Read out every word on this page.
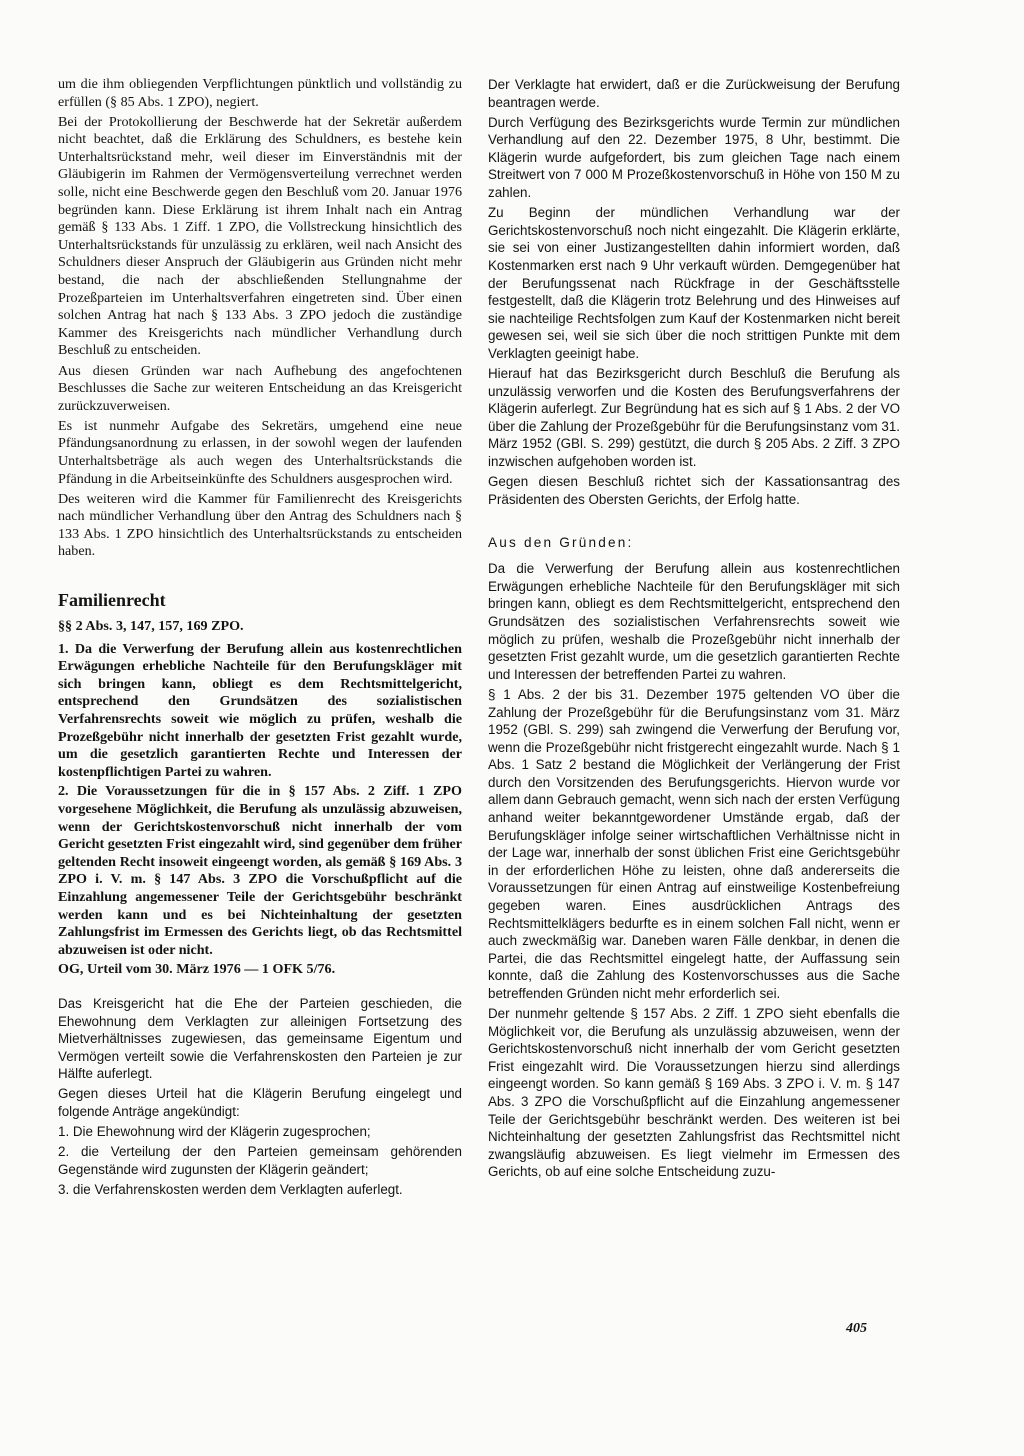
um die ihm obliegenden Verpflichtungen pünktlich und vollständig zu erfüllen (§ 85 Abs. 1 ZPO), negiert.

Bei der Protokollierung der Beschwerde hat der Sekretär außerdem nicht beachtet, daß die Erklärung des Schuldners, es bestehe kein Unterhaltsrückstand mehr, weil dieser im Einverständnis mit der Gläubigerin im Rahmen der Vermögensverteilung verrechnet werden solle, nicht eine Beschwerde gegen den Beschluß vom 20. Januar 1976 begründen kann. Diese Erklärung ist ihrem Inhalt nach ein Antrag gemäß § 133 Abs. 1 Ziff. 1 ZPO, die Vollstreckung hinsichtlich des Unterhaltsrückstands für unzulässig zu erklären, weil nach Ansicht des Schuldners dieser Anspruch der Gläubigerin aus Gründen nicht mehr bestand, die nach der abschließenden Stellungnahme der Prozeßparteien im Unterhaltsverfahren eingetreten sind. Über einen solchen Antrag hat nach § 133 Abs. 3 ZPO jedoch die zuständige Kammer des Kreisgerichts nach mündlicher Verhandlung durch Beschluß zu entscheiden.

Aus diesen Gründen war nach Aufhebung des angefochtenen Beschlusses die Sache zur weiteren Entscheidung an das Kreisgericht zurückzuverweisen.

Es ist nunmehr Aufgabe des Sekretärs, umgehend eine neue Pfändungsanordnung zu erlassen, in der sowohl wegen der laufenden Unterhaltsbeträge als auch wegen des Unterhaltsrückstands die Pfändung in die Arbeitseinkünfte des Schuldners ausgesprochen wird.

Des weiteren wird die Kammer für Familienrecht des Kreisgerichts nach mündlicher Verhandlung über den Antrag des Schuldners nach § 133 Abs. 1 ZPO hinsichtlich des Unterhaltsrückstands zu entscheiden haben.

Familienrecht
§§ 2 Abs. 3, 147, 157, 169 ZPO.

1. Da die Verwerfung der Berufung allein aus kostenrechtlichen Erwägungen erhebliche Nachteile für den Berufungskläger mit sich bringen kann, obliegt es dem Rechtsmittelgericht, entsprechend den Grundsätzen des sozialistischen Verfahrensrechts soweit wie möglich zu prüfen, weshalb die Prozeßgebühr nicht innerhalb der gesetzten Frist gezahlt wurde, um die gesetzlich garantierten Rechte und Interessen der kostenpflichtigen Partei zu wahren.

2. Die Voraussetzungen für die in § 157 Abs. 2 Ziff. 1 ZPO vorgesehene Möglichkeit, die Berufung als unzulässig abzuweisen, wenn der Gerichtskostenvorschuß nicht innerhalb der vom Gericht gesetzten Frist eingezahlt wird, sind gegenüber dem früher geltenden Recht insoweit eingeengt worden, als gemäß § 169 Abs. 3 ZPO i. V. m. § 147 Abs. 3 ZPO die Vorschußpflicht auf die Einzahlung angemessener Teile der Gerichtsgebühr beschränkt werden kann und es bei Nichteinhaltung der gesetzten Zahlungsfrist im Ermessen des Gerichts liegt, ob das Rechtsmittel abzuweisen ist oder nicht.

OG, Urteil vom 30. März 1976 — 1 OFK 5/76.

Das Kreisgericht hat die Ehe der Parteien geschieden, die Ehewohnung dem Verklagten zur alleinigen Fortsetzung des Mietverhältnisses zugewiesen, das gemeinsame Eigentum und Vermögen verteilt sowie die Verfahrenskosten den Parteien je zur Hälfte auferlegt.

Gegen dieses Urteil hat die Klägerin Berufung eingelegt und folgende Anträge angekündigt:

1. Die Ehewohnung wird der Klägerin zugesprochen;

2. die Verteilung der den Parteien gemeinsam gehörenden Gegenstände wird zugunsten der Klägerin geändert;

3. die Verfahrenskosten werden dem Verklagten auferlegt.

Der Verklagte hat erwidert, daß er die Zurückweisung der Berufung beantragen werde.

Durch Verfügung des Bezirksgerichts wurde Termin zur mündlichen Verhandlung auf den 22. Dezember 1975, 8 Uhr, bestimmt. Die Klägerin wurde aufgefordert, bis zum gleichen Tage nach einem Streitwert von 7 000 M Prozeßkostenvorschuß in Höhe von 150 M zu zahlen.

Zu Beginn der mündlichen Verhandlung war der Gerichtskostenvorschuß noch nicht eingezahlt. Die Klägerin erklärte, sie sei von einer Justizangestellten dahin informiert worden, daß Kostenmarken erst nach 9 Uhr verkauft würden. Demgegenüber hat der Berufungssenat nach Rückfrage in der Geschäftsstelle festgestellt, daß die Klägerin trotz Belehrung und des Hinweises auf sie nachteilige Rechtsfolgen zum Kauf der Kostenmarken nicht bereit gewesen sei, weil sie sich über die noch strittigen Punkte mit dem Verklagten geeinigt habe.

Hierauf hat das Bezirksgericht durch Beschluß die Berufung als unzulässig verworfen und die Kosten des Berufungsverfahrens der Klägerin auferlegt. Zur Begründung hat es sich auf § 1 Abs. 2 der VO über die Zahlung der Prozeßgebühr für die Berufungsinstanz vom 31. März 1952 (GBl. S. 299) gestützt, die durch § 205 Abs. 2 Ziff. 3 ZPO inzwischen aufgehoben worden ist.

Gegen diesen Beschluß richtet sich der Kassationsantrag des Präsidenten des Obersten Gerichts, der Erfolg hatte.

Aus den Gründen:

Da die Verwerfung der Berufung allein aus kostenrechtlichen Erwägungen erhebliche Nachteile für den Berufungskläger mit sich bringen kann, obliegt es dem Rechtsmittelgericht, entsprechend den Grundsätzen des sozialistischen Verfahrensrechts soweit wie möglich zu prüfen, weshalb die Prozeßgebühr nicht innerhalb der gesetzten Frist gezahlt wurde, um die gesetzlich garantierten Rechte und Interessen der betreffenden Partei zu wahren.

§ 1 Abs. 2 der bis 31. Dezember 1975 geltenden VO über die Zahlung der Prozeßgebühr für die Berufungsinstanz vom 31. März 1952 (GBl. S. 299) sah zwingend die Verwerfung der Berufung vor, wenn die Prozeßgebühr nicht fristgerecht eingezahlt wurde. Nach § 1 Abs. 1 Satz 2 bestand die Möglichkeit der Verlängerung der Frist durch den Vorsitzenden des Berufungsgerichts. Hiervon wurde vor allem dann Gebrauch gemacht, wenn sich nach der ersten Verfügung anhand weiter bekanntgewordener Umstände ergab, daß der Berufungskläger infolge seiner wirtschaftlichen Verhältnisse nicht in der Lage war, innerhalb der sonst üblichen Frist eine Gerichtsgebühr in der erforderlichen Höhe zu leisten, ohne daß andererseits die Voraussetzungen für einen Antrag auf einstweilige Kostenbefreiung gegeben waren. Eines ausdrücklichen Antrags des Rechtsmittelklägers bedurfte es in einem solchen Fall nicht, wenn er auch zweckmäßig war. Daneben waren Fälle denkbar, in denen die Partei, die das Rechtsmittel eingelegt hatte, der Auffassung sein konnte, daß die Zahlung des Kostenvorschusses aus die Sache betreffenden Gründen nicht mehr erforderlich sei.

Der nunmehr geltende § 157 Abs. 2 Ziff. 1 ZPO sieht ebenfalls die Möglichkeit vor, die Berufung als unzulässig abzuweisen, wenn der Gerichtskostenvorschuß nicht innerhalb der vom Gericht gesetzten Frist eingezahlt wird. Die Voraussetzungen hierzu sind allerdings eingeengt worden. So kann gemäß § 169 Abs. 3 ZPO i. V. m. § 147 Abs. 3 ZPO die Vorschußpflicht auf die Einzahlung angemessener Teile der Gerichtsgebühr beschränkt werden. Des weiteren ist bei Nichteinhaltung der gesetzten Zahlungsfrist das Rechtsmittel nicht zwangsläufig abzuweisen. Es liegt vielmehr im Ermessen des Gerichts, ob auf eine solche Entscheidung zuzu-

405
